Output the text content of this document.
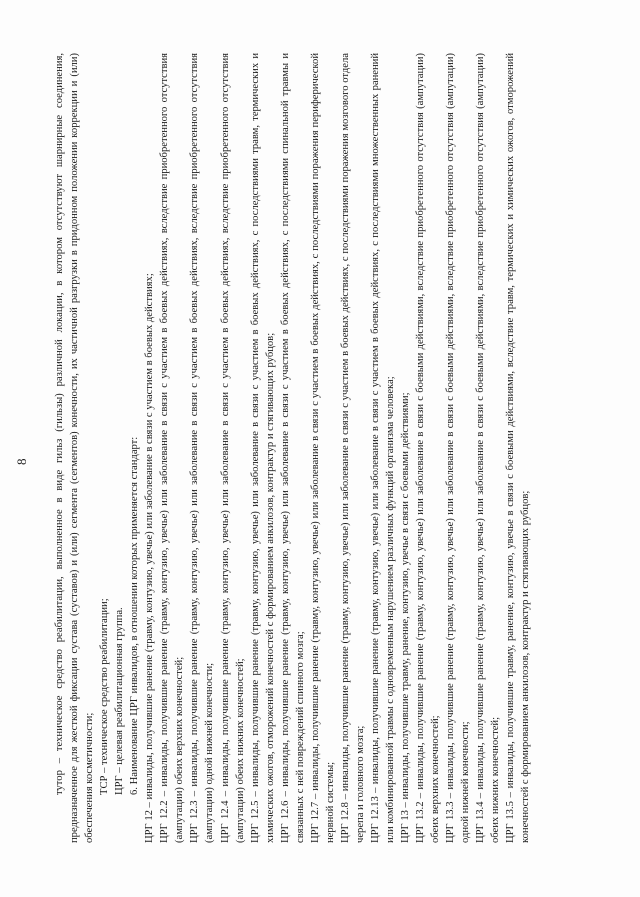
8 тутор – техническое средство реабилитации, выполненное в виде гильз (гильзы) различной локации, в котором отсутствуют шарнирные соединения, предназначенное для жесткой фиксации сустава (суставов) и (или) сегмента (сегментов) конечности, их частичной разгрузки в придонном положении коррекции и (или) обеспечения косметичности; ТСР – техническое средство реабилитации; ЦРГ – целевая реабилитационная группа. 6. Наименование ЦРГ инвалидов, в отношении которых применяется стандарт: ЦРГ 12 – инвалиды, получившие ранение (травму, контузию, увечье) или заболевание в связи с участием в боевых действиях; ЦРГ 12.2 – инвалиды, получившие ранение (травму, контузию, увечье) или заболевание в связи с участием в боевых действиях, вследствие приобретенного отсутствия (ампутации) обеих верхних конечностей; ЦРГ 12.3 – инвалиды, получившие ранение (травму, контузию, увечье) или заболевание в связи с участием в боевых действиях, вследствие приобретенного отсутствия (ампутации) одной нижней конечности; ЦРГ 12.4 – инвалиды, получившие ранение (травму, контузию, увечье) или заболевание в связи с участием в боевых действиях, вследствие приобретенного отсутствия (ампутации) обеих нижних конечностей; ЦРГ 12.5 – инвалиды, получившие ранение (травму, контузию, увечье) или заболевание в связи с участием в боевых действиях, с последствиями травм, термических и химических ожогов, отморожений конечностей с формированием анкилозов, контрактур и стягивающих рубцов; ЦРГ 12.6 – инвалиды, получившие ранение (травму, контузию, увечье) или заболевание в связи с участием в боевых действиях, с последствиями спинальной травмы и связанных с ней повреждений спинного мозга; ЦРГ 12.7 – инвалиды, получившие ранение (травму, контузию, увечье) или заболевание в связи с участием в боевых действиях, с последствиями поражения периферической нервной системы; ЦРГ 12.8 – инвалиды, получившие ранение (травму, контузию, увечье) или заболевание в связи с участием в боевых действиях, с последствиями поражения мозгового отдела черепа и головного мозга; ЦРГ 12.13 – инвалиды, получившие ранение (травму, контузию, увечье) или заболевание в связи с участием в боевых действиях, с последствиями множественных ранений или комбинированной травмы с одновременным нарушением различных функций организма человека; ЦРГ 13 – инвалиды, получившие травму, ранение, контузию, увечье в связи с боевыми действиями; ЦРГ 13.2 – инвалиды, получившие ранение (травму, контузию, увечье) или заболевание в связи с боевыми действиями, вследствие приобретенного отсутствия (ампутации) обеих верхних конечностей; ЦРГ 13.3 – инвалиды, получившие ранение (травму, контузию, увечье) или заболевание в связи с боевыми действиями, вследствие приобретенного отсутствия (ампутации) одной нижней конечности; ЦРГ 13.4 – инвалиды, получившие ранение (травму, контузию, увечье) или заболевание в связи с боевыми действиями, вследствие приобретенного отсутствия (ампутации) обеих нижних конечностей; ЦРГ 13.5 – инвалиды, получившие травму, ранение, контузию, увечье в связи с боевыми действиями, вследствие травм, термических и химических ожогов, отморожений конечностей с формированием анкилозов, контрактур и стягивающих рубцов;
